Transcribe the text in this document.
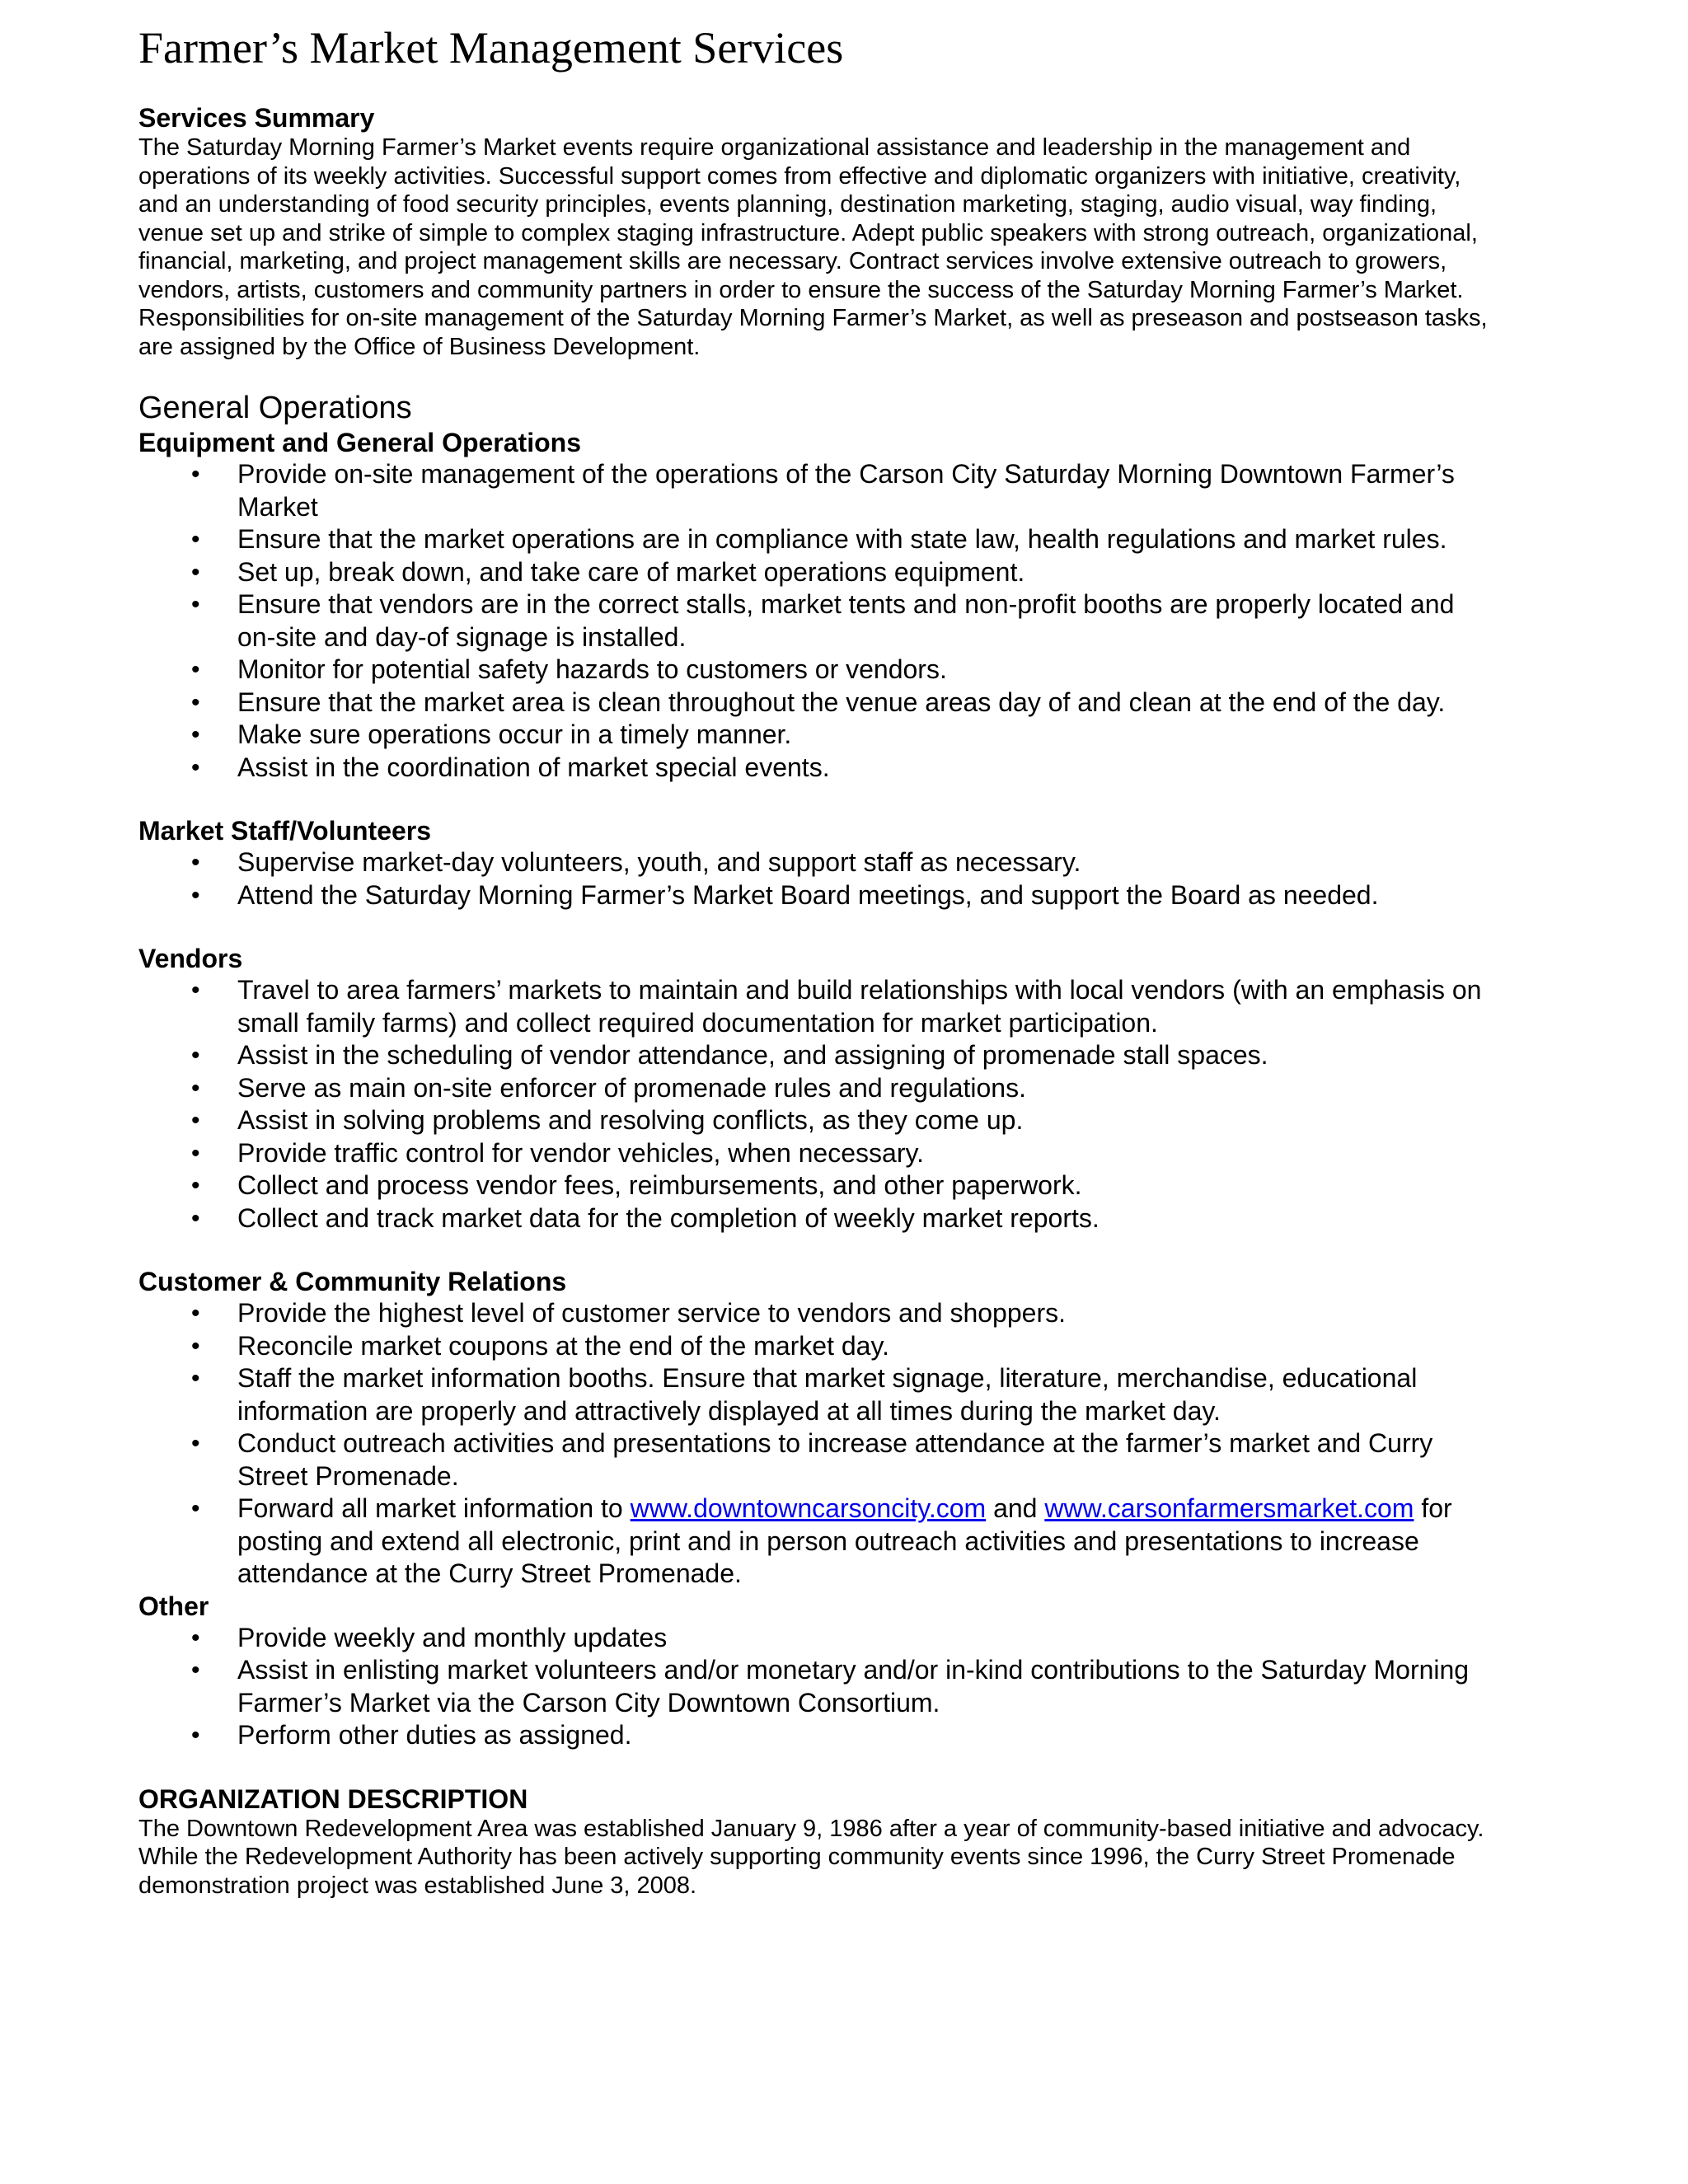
Farmer’s Market Management Services
Services Summary
The Saturday Morning Farmer’s Market events require organizational assistance and leadership in the management and
operations of its weekly activities. Successful support comes from effective and diplomatic organizers with initiative, creativity,
and an understanding of food security principles, events planning, destination marketing, staging, audio visual, way finding,
venue set up and strike of simple to complex staging infrastructure. Adept public speakers with strong outreach, organizational,
financial, marketing, and project management skills are necessary. Contract services involve extensive outreach to growers,
vendors, artists, customers and community partners in order to ensure the success of the Saturday Morning Farmer’s Market.
Responsibilities for on-site management of the Saturday Morning Farmer’s Market, as well as preseason and postseason tasks,
are assigned by the Office of Business Development.
General Operations
Equipment and General Operations
• Provide on-site management of the operations of the Carson City Saturday Morning Downtown Farmer’s
Market
• Ensure that the market operations are in compliance with state law, health regulations and market rules.
• Set up, break down, and take care of market operations equipment.
• Ensure that vendors are in the correct stalls, market tents and non-profit booths are properly located and
on-site and day-of signage is installed.
• Monitor for potential safety hazards to customers or vendors.
• Ensure that the market area is clean throughout the venue areas day of and clean at the end of the day.
• Make sure operations occur in a timely manner.
• Assist in the coordination of market special events.
Market Staff/Volunteers
• Supervise market-day volunteers, youth, and support staff as necessary.
• Attend the Saturday Morning Farmer’s Market Board meetings, and support the Board as needed.
Vendors
• Travel to area farmers’ markets to maintain and build relationships with local vendors (with an emphasis on
small family farms) and collect required documentation for market participation.
• Assist in the scheduling of vendor attendance, and assigning of promenade stall spaces.
• Serve as main on-site enforcer of promenade rules and regulations.
• Assist in solving problems and resolving conflicts, as they come up.
• Provide traffic control for vendor vehicles, when necessary.
• Collect and process vendor fees, reimbursements, and other paperwork.
• Collect and track market data for the completion of weekly market reports.
Customer & Community Relations
• Provide the highest level of customer service to vendors and shoppers.
• Reconcile market coupons at the end of the market day.
• Staff the market information booths. Ensure that market signage, literature, merchandise, educational
information are properly and attractively displayed at all times during the market day.
• Conduct outreach activities and presentations to increase attendance at the farmer’s market and Curry
Street Promenade.
• Forward all market information to www.downtowncarsoncity.com and www.carsonfarmersmarket.com for
posting and extend all electronic, print and in person outreach activities and presentations to increase
attendance at the Curry Street Promenade.
Other
• Provide weekly and monthly updates
• Assist in enlisting market volunteers and/or monetary and/or in-kind contributions to the Saturday Morning
Farmer’s Market via the Carson City Downtown Consortium.
• Perform other duties as assigned.
ORGANIZATION DESCRIPTION
The Downtown Redevelopment Area was established January 9, 1986 after a year of community-based initiative and advocacy.
While the Redevelopment Authority has been actively supporting community events since 1996, the Curry Street Promenade
demonstration project was established June 3, 2008.
